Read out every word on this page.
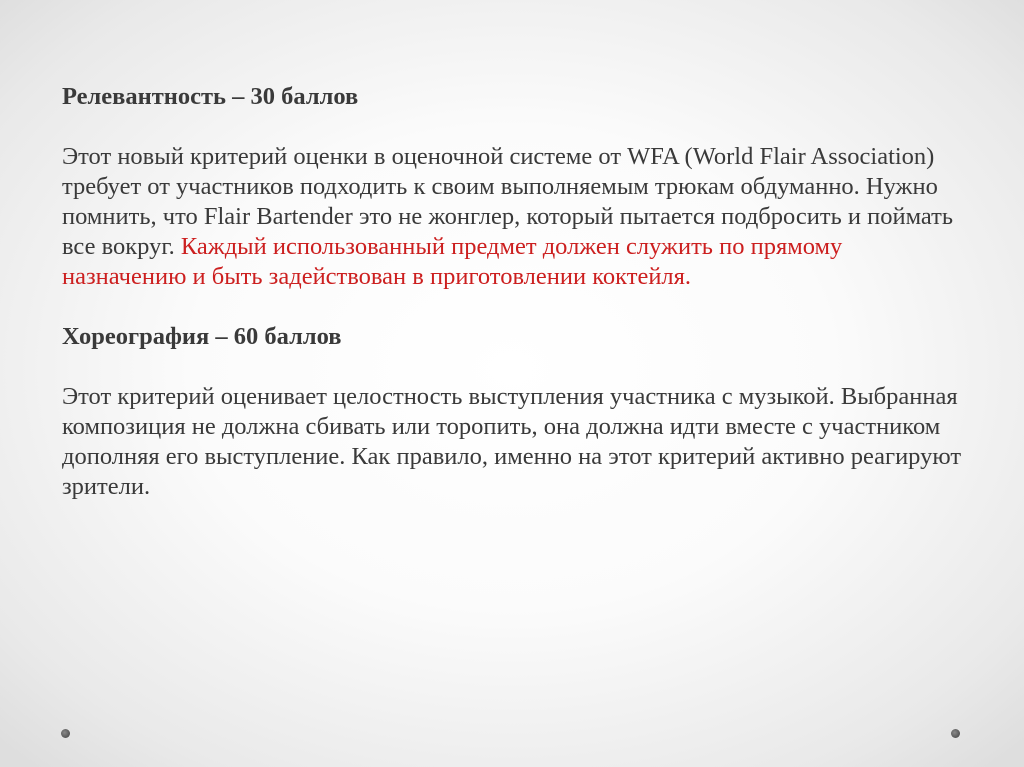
Релевантность – 30 баллов

Этот новый критерий оценки в оценочной системе от WFA (World Flair Association) требует от участников подходить к своим выполняемым трюкам обдуманно. Нужно помнить, что Flair Bartender это не жонглер, который пытается подбросить и поймать все вокруг. Каждый использованный предмет должен служить по прямому назначению и быть задействован в приготовлении коктейля.

Хореография – 60 баллов

Этот критерий оценивает целостность выступления участника с музыкой. Выбранная композиция не должна сбивать или торопить, она должна идти вместе с участником дополняя его выступление. Как правило, именно на этот критерий активно реагируют зрители.
